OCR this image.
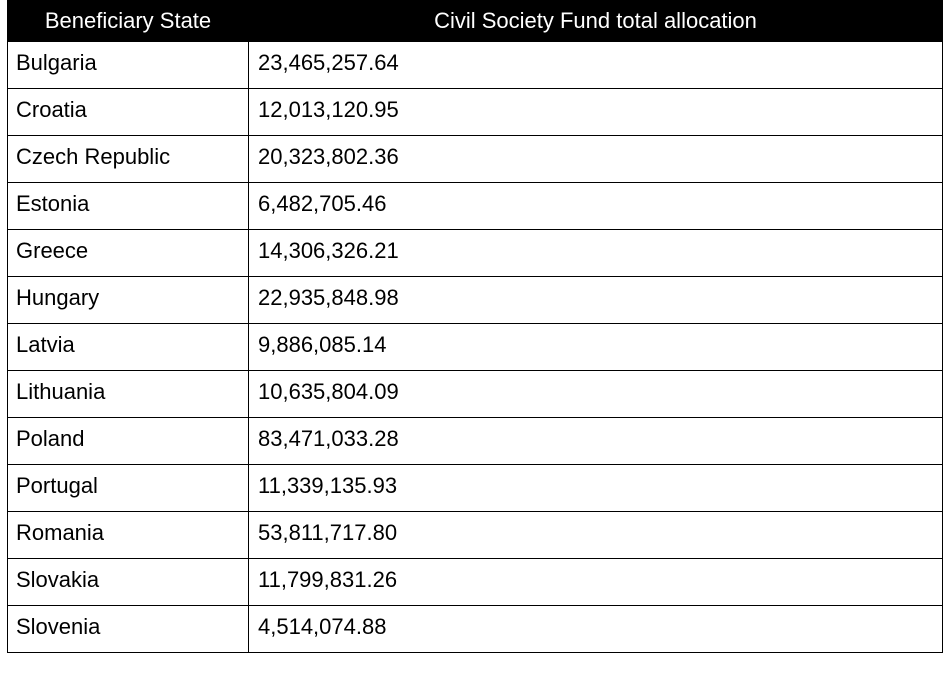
Beneficiary State	Civil Society Fund total allocation
Bulgaria	23,465,257.64
Croatia	12,013,120.95
Czech Republic	20,323,802.36
Estonia	6,482,705.46
Greece	14,306,326.21
Hungary	22,935,848.98
Latvia	9,886,085.14
Lithuania	10,635,804.09
Poland	83,471,033.28
Portugal	11,339,135.93
Romania	53,811,717.80
Slovakia	11,799,831.26
Slovenia	4,514,074.88
